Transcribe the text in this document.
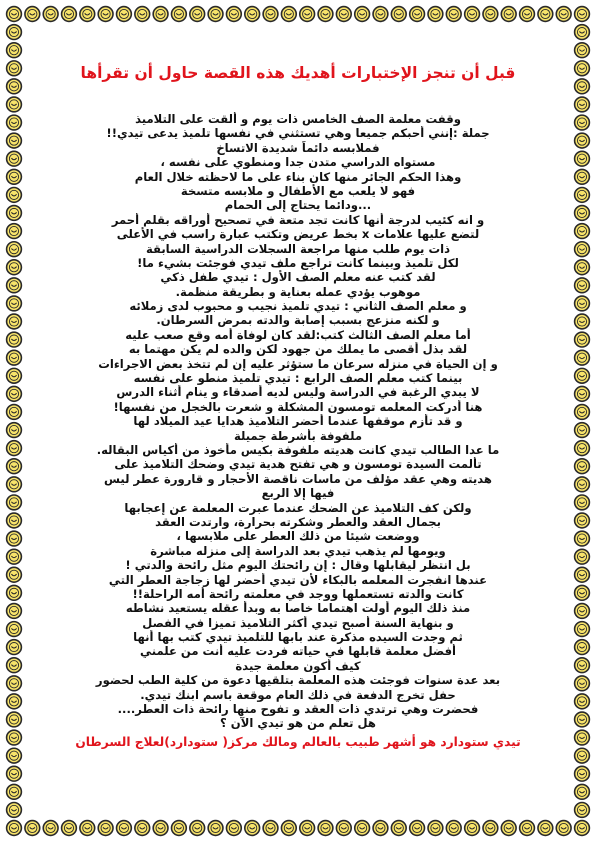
قبل أن تنجز الإختبارات أهديك هذه القصة حاول أن تقرأها
وقفت معلمة الصف الخامس ذات يوم و ألقت على التلاميذ
جملة :إنني أحبكم جميعا وهي تستثني في نفسها تلميذ يدعى تيدي!!
فملابسه دائماً شديدة الاتساخ
مستواه الدراسي متدن جدا ومنطوي على نفسه ،
وهذا الحكم الجائر منها كان بناء على ما لاحظته خلال العام
فهو لا يلعب مع الأطفال و ملابسه متسخة
...ودائما يحتاج إلى الحمام
و انه كئيب لدرجة أنها كانت تجد متعة في تصحيح أوراقه بقلم أحمر
لتضع عليها علامات x بخط عريض وتكتب عبارة راسب في الأعلى
ذات يوم طلب منها مراجعة السجلات الدراسية السابقة
لكل تلميذ وبينما كانت تراجع ملف تيدي فوجئت بشيء ما!
لقد كتب عنه معلم الصف الأول : تيدي طفل ذكي
موهوب يؤدي عمله بعناية و بطريقة منظمة.
و معلم الصف الثاني : تيدي تلميذ نجيب و محبوب لدى زملائه
و لكنه منزعج بسبب إصابة والدته بمرض السرطان.
أما معلم الصف الثالث كتب:لقد كان لوفاة أمه وقع صعب عليه
لقد بذل أقصى ما يملك من جهود لكن والده لم يكن مهتما به
و إن الحياة في منزله سرعان ما ستؤثر عليه إن لم تتخذ بعض الاجراءات
بينما كتب معلم الصف الرابع : تيدي تلميذ منطو على نفسه
لا يبدي الرغبة في الدراسة وليس لديه أصدقاء و ينام أثناء الدرس
هنا أدركت المعلمه تومسون المشكلة و شعرت بالخجل من نفسها!
و قد تأزم موقفها عندما أحضر التلاميذ هدايا عيد الميلاد لها
ملفوفة بأشرطة جميلة
ما عدا الطالب تيدي كانت هديته ملفوفة بكيس مأخوذ من أكياس البقاله.
تألمت السيدة تومسون و هي تفتح هدية تيدي وضحك التلاميذ على
هديته وهي عقد مؤلف من ماسات ناقصة الأحجار و قارورة عطر ليس
فيها إلا الربع
ولكن كف التلاميذ عن الضحك عندما عبرت المعلمة عن إعجابها
بجمال العقد والعطر وشكرته بحرارة، وارتدت العقد
ووضعت شيئا من ذلك العطر على ملابسها ،
ويومها لم يذهب تيدي بعد الدراسة إلى منزله مباشرة
بل انتظر ليقابلها وقال : إن رائحتك اليوم مثل رائحة والدتي !
عندها انفجرت المعلمه بالبكاء لأن تيدي أحضر لها زجاجة العطر التي
كانت والدته تستعملها ووجد في معلمته رائحة أمه الراحلة!!
منذ ذلك اليوم أولت اهتماما خاصا به وبدأ عقله يستعيد نشاطه
و بنهاية السنة أصبح تيدي أكثر التلاميذ تميزا في الفصل
ثم وجدت السيده مذكرة عند بابها للتلميذ تيدي كتب بها أنها
أفضل معلمة قابلها في حياته فردت عليه أنت من علمني
كيف أكون معلمة جيدة
بعد عدة سنوات فوجئت هذه المعلمة بتلقيها دعوة من كلية الطب لحضور
حفل تخرج الدفعة في ذلك العام موقعة باسم ابنك تيدي.
فحضرت وهي ترتدي ذات العقد و تفوح منها رائحة ذات العطر....
هل تعلم من هو تيدي الآن ؟
تيدي ستودارد هو أشهر طبيب بالعالم ومالك مركز( ستودارد)لعلاج السرطان
